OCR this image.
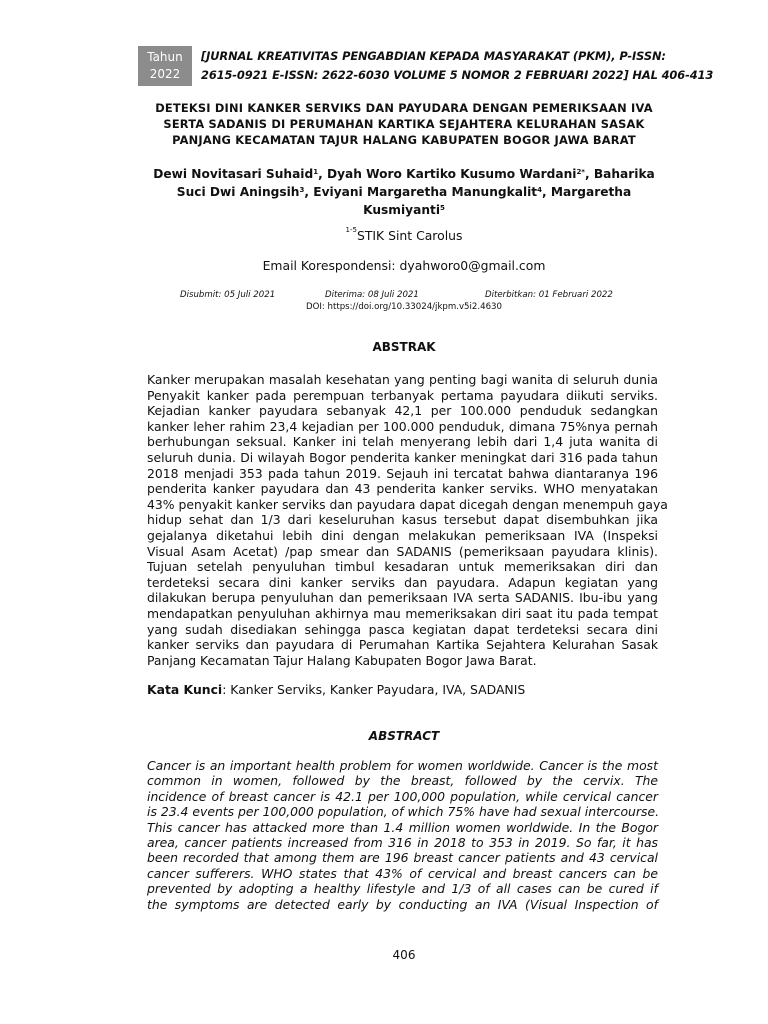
Tahun
2022
[JURNAL KREATIVITAS PENGABDIAN KEPADA MASYARAKAT (PKM), P-ISSN:
2615-0921 E-ISSN: 2622-6030 VOLUME 5 NOMOR 2 FEBRUARI 2022] HAL 406-413
DETEKSI DINI KANKER SERVIKS DAN PAYUDARA DENGAN PEMERIKSAAN IVA
SERTA SADANIS DI PERUMAHAN KARTIKA SEJAHTERA KELURAHAN SASAK
PANJANG KECAMATAN TAJUR HALANG KABUPATEN BOGOR JAWA BARAT
Dewi Novitasari Suhaid$^1$, Dyah Woro Kartiko Kusumo Wardani$^{2*}$, Baharika
Suci Dwi Aningsih$^3$, Eviyani Margaretha Manungkalit$^4$, Margaretha
Kusmiyanti$^5$
$^{1-5}$STIK Sint Carolus
Email Korespondensi: dyahworo0@gmail.com
Disubmit: 05 Juli 2021	Diterima: 08 Juli 2021	Diterbitkan: 01 Februari 2022
DOI: https://doi.org/10.33024/jkpm.v5i2.4630
ABSTRAK
Kanker merupakan masalah kesehatan yang penting bagi wanita di seluruh dunia
Penyakit kanker pada perempuan terbanyak pertama payudara diikuti serviks.
Kejadian kanker payudara sebanyak 42,1 per 100.000 penduduk sedangkan
kanker leher rahim 23,4 kejadian per 100.000 penduduk, dimana 75%nya pernah
berhubungan seksual. Kanker ini telah menyerang lebih dari 1,4 juta wanita di
seluruh dunia. Di wilayah Bogor penderita kanker meningkat dari 316 pada tahun
2018 menjadi 353 pada tahun 2019. Sejauh ini tercatat bahwa diantaranya 196
penderita kanker payudara dan 43 penderita kanker serviks. WHO menyatakan
43% penyakit kanker serviks dan payudara dapat dicegah dengan menempuh gaya
hidup sehat dan 1/3 dari keseluruhan kasus tersebut dapat disembuhkan jika
gejalanya diketahui lebih dini dengan melakukan pemeriksaan IVA (Inspeksi
Visual Asam Acetat) /pap smear dan SADANIS (pemeriksaan payudara klinis).
Tujuan setelah penyuluhan timbul kesadaran untuk memeriksakan diri dan
terdeteksi secara dini kanker serviks dan payudara. Adapun kegiatan yang
dilakukan berupa penyuluhan dan pemeriksaan IVA serta SADANIS. Ibu-ibu yang
mendapatkan penyuluhan akhirnya mau memeriksakan diri saat itu pada tempat
yang sudah disediakan sehingga pasca kegiatan dapat terdeteksi secara dini
kanker serviks dan payudara di Perumahan Kartika Sejahtera Kelurahan Sasak
Panjang Kecamatan Tajur Halang Kabupaten Bogor Jawa Barat.
Kata Kunci: Kanker Serviks, Kanker Payudara, IVA, SADANIS
ABSTRACT
Cancer is an important health problem for women worldwide. Cancer is the most
common in women, followed by the breast, followed by the cervix. The
incidence of breast cancer is 42.1 per 100,000 population, while cervical cancer
is 23.4 events per 100,000 population, of which 75% have had sexual intercourse.
This cancer has attacked more than 1.4 million women worldwide. In the Bogor
area, cancer patients increased from 316 in 2018 to 353 in 2019. So far, it has
been recorded that among them are 196 breast cancer patients and 43 cervical
cancer sufferers. WHO states that 43% of cervical and breast cancers can be
prevented by adopting a healthy lifestyle and 1/3 of all cases can be cured if
the symptoms are detected early by conducting an IVA (Visual Inspection of
406
